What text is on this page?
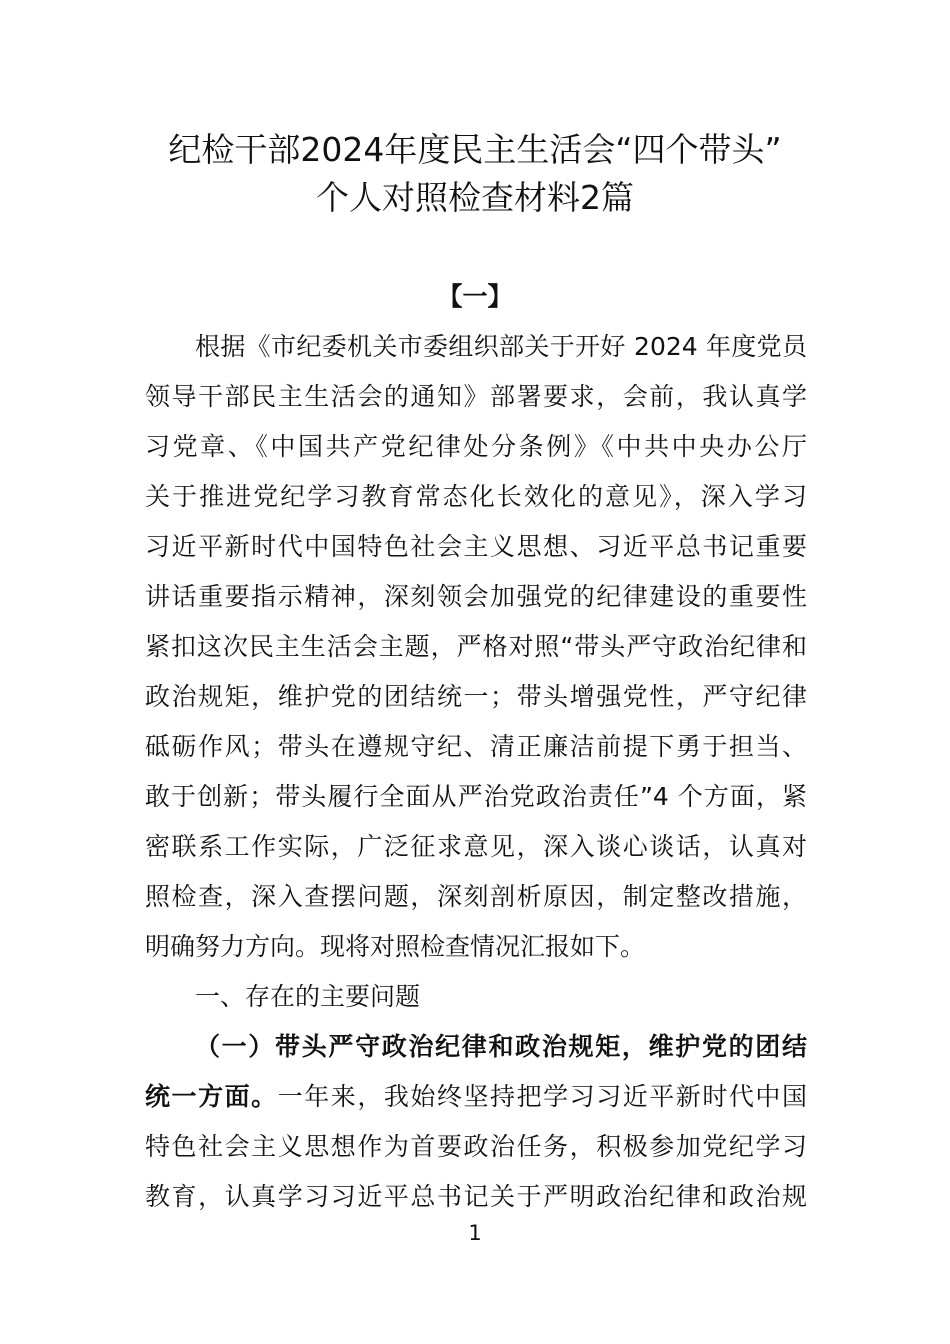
纪检干部2024年度民主生活会“四个带头”
个人对照检查材料2篇
【一】
根据《市纪委机关市委组织部关于开好 2024 年度党员
领导干部民主生活会的通知》部署要求，会前，我认真学
习党章、《中国共产党纪律处分条例》《中共中央办公厅
关于推进党纪学习教育常态化长效化的意见》，深入学习
习近平新时代中国特色社会主义思想、习近平总书记重要
讲话重要指示精神，深刻领会加强党的纪律建设的重要性
紧扣这次民主生活会主题，严格对照“带头严守政治纪律和
政治规矩，维护党的团结统一；带头增强党性，严守纪律
砥砺作风；带头在遵规守纪、清正廉洁前提下勇于担当、
敢于创新；带头履行全面从严治党政治责任”4 个方面，紧
密联系工作实际，广泛征求意见，深入谈心谈话，认真对
照检查，深入查摆问题，深刻剖析原因，制定整改措施，
明确努力方向。现将对照检查情况汇报如下。
一、存在的主要问题
（一）带头严守政治纪律和政治规矩，维护党的团结
统一方面。一年来，我始终坚持把学习习近平新时代中国
特色社会主义思想作为首要政治任务，积极参加党纪学习
教育，认真学习习近平总书记关于严明政治纪律和政治规
1
